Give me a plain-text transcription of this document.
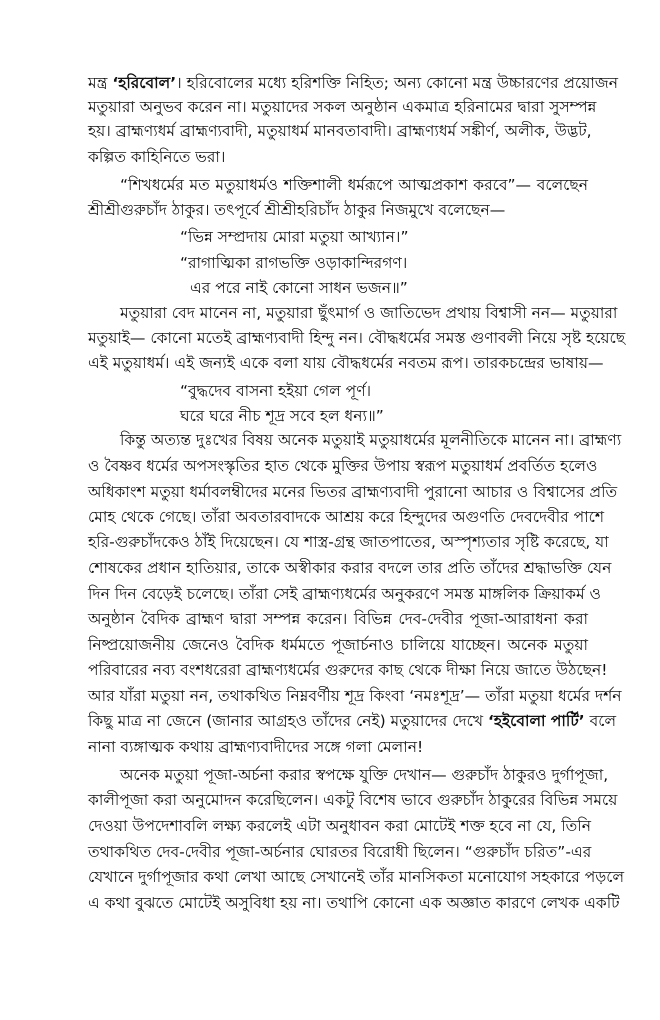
মন্ত্র ‘হরিবোল’। হরিবোলের মধ্যে হরিশক্তি নিহিত; অন্য কোনো মন্ত্র উচ্চারণের প্রয়োজন
মতুয়ারা অনুভব করেন না। মতুয়াদের সকল অনুষ্ঠান একমাত্র হরিনামের দ্বারা সুসম্পন্ন
হয়। ব্রাহ্মণ্যধর্ম ব্রাহ্মণ্যবাদী, মতুয়াধর্ম মানবতাবাদী। ব্রাহ্মণ্যধর্ম সঙ্কীর্ণ, অলীক, উদ্ভট,
কল্পিত কাহিনিতে ভরা।
“শিখধর্মের মত মতুয়াধর্মও শক্তিশালী ধর্মরূপে আত্মপ্রকাশ করবে”— বলেছেন
শ্রীশ্রীগুরুচাঁদ ঠাকুর। তৎপূর্বে শ্রীশ্রীহরিচাঁদ ঠাকুর নিজমুখে বলেছেন—
“ভিন্ন সম্প্রদায় মোরা মতুয়া আখ্যান।”
“রাগাত্মিকা রাগভক্তি ওড়াকান্দিরগণ।
এর পরে নাই কোনো সাধন ভজন॥”
মতুয়ারা বেদ মানেন না, মতুয়ারা ছুঁৎমার্গ ও জাতিভেদ প্রথায় বিশ্বাসী নন— মতুয়ারা
মতুয়াই— কোনো মতেই ব্রাহ্মণ্যবাদী হিন্দু নন। বৌদ্ধধর্মের সমস্ত গুণাবলী নিয়ে সৃষ্ট হয়েছে
এই মতুয়াধর্ম। এই জন্যই একে বলা যায় বৌদ্ধধর্মের নবতম রূপ। তারকচন্দ্রের ভাষায়—
“বুদ্ধদেব বাসনা হইয়া গেল পূর্ণ।
ঘরে ঘরে নীচ শূদ্র সবে হল ধন্য॥”
কিন্তু অত্যন্ত দুঃখের বিষয় অনেক মতুয়াই মতুয়াধর্মের মূলনীতিকে মানেন না। ব্রাহ্মণ্য
ও বৈষ্ণব ধর্মের অপসংস্কৃতির হাত থেকে মুক্তির উপায় স্বরূপ মতুয়াধর্ম প্রবর্তিত হলেও
অধিকাংশ মতুয়া ধর্মাবলম্বীদের মনের ভিতর ব্রাহ্মণ্যবাদী পুরানো আচার ও বিশ্বাসের প্রতি
মোহ থেকে গেছে। তাঁরা অবতারবাদকে আশ্রয় করে হিন্দুদের অগুণতি দেবদেবীর পাশে
হরি-গুরুচাঁদকেও ঠাঁই দিয়েছেন। যে শাস্ত্র-গ্রন্থ জাতপাতের, অস্পৃশ্যতার সৃষ্টি করেছে, যা
শোষকের প্রধান হাতিয়ার, তাকে অস্বীকার করার বদলে তার প্রতি তাঁদের শ্রদ্ধাভক্তি যেন
দিন দিন বেড়েই চলেছে। তাঁরা সেই ব্রাহ্মণ্যধর্মের অনুকরণে সমস্ত মাঙ্গলিক ক্রিয়াকর্ম ও
অনুষ্ঠান বৈদিক ব্রাহ্মণ দ্বারা সম্পন্ন করেন। বিভিন্ন দেব-দেবীর পূজা-আরাধনা করা
নিষ্প্রয়োজনীয় জেনেও বৈদিক ধর্মমতে পূজার্চনাও চালিয়ে যাচ্ছেন। অনেক মতুয়া
পরিবারের নব্য বংশধরেরা ব্রাহ্মণ্যধর্মের গুরুদের কাছ থেকে দীক্ষা নিয়ে জাতে উঠছেন!
আর যাঁরা মতুয়া নন, তথাকথিত নিম্নবর্ণীয় শূদ্র কিংবা ‘নমঃশূদ্র’— তাঁরা মতুয়া ধর্মের দর্শন
কিছু মাত্র না জেনে (জানার আগ্রহও তাঁদের নেই) মতুয়াদের দেখে ‘হইবোলা পার্টি’ বলে
নানা ব্যঙ্গাত্মক কথায় ব্রাহ্মণ্যবাদীদের সঙ্গে গলা মেলান!
অনেক মতুয়া পূজা-অর্চনা করার স্বপক্ষে যুক্তি দেখান— গুরুচাঁদ ঠাকুরও দুর্গাপূজা,
কালীপূজা করা অনুমোদন করেছিলেন। একটু বিশেষ ভাবে গুরুচাঁদ ঠাকুরের বিভিন্ন সময়ে
দেওয়া উপদেশাবলি লক্ষ্য করলেই এটা অনুধাবন করা মোটেই শক্ত হবে না যে, তিনি
তথাকথিত দেব-দেবীর পূজা-অর্চনার ঘোরতর বিরোধী ছিলেন। “গুরুচাঁদ চরিত”-এর
যেখানে দুর্গাপূজার কথা লেখা আছে সেখানেই তাঁর মানসিকতা মনোযোগ সহকারে পড়লে
এ কথা বুঝতে মোটেই অসুবিধা হয় না। তথাপি কোনো এক অজ্ঞাত কারণে লেখক একটি
